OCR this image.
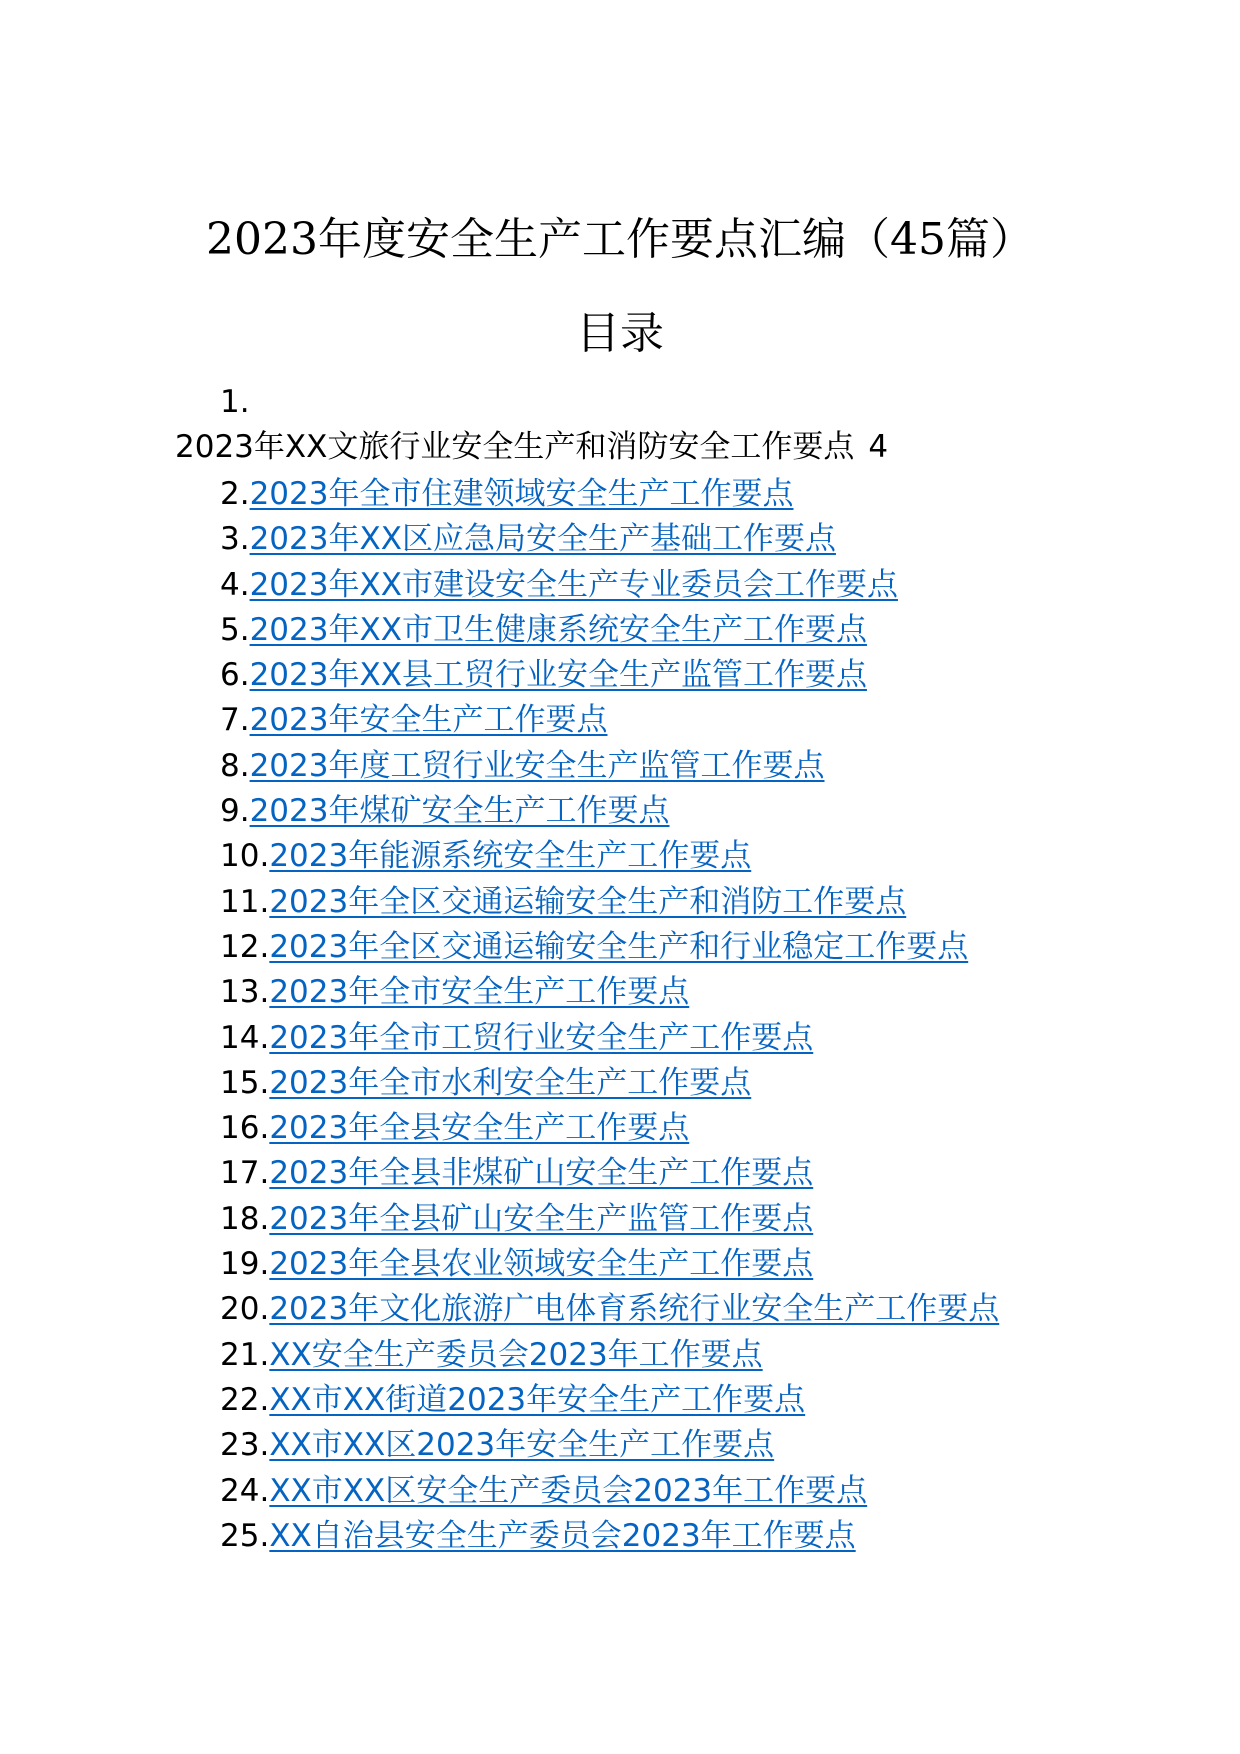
2023年度安全生产工作要点汇编（45篇）
目录
1.
2023年XX文旅行业安全生产和消防安全工作要点 4
2.2023年全市住建领域安全生产工作要点
3.2023年XX区应急局安全生产基础工作要点
4.2023年XX市建设安全生产专业委员会工作要点
5.2023年XX市卫生健康系统安全生产工作要点
6.2023年XX县工贸行业安全生产监管工作要点
7.2023年安全生产工作要点
8.2023年度工贸行业安全生产监管工作要点
9.2023年煤矿安全生产工作要点
10.2023年能源系统安全生产工作要点
11.2023年全区交通运输安全生产和消防工作要点
12.2023年全区交通运输安全生产和行业稳定工作要点
13.2023年全市安全生产工作要点
14.2023年全市工贸行业安全生产工作要点
15.2023年全市水利安全生产工作要点
16.2023年全县安全生产工作要点
17.2023年全县非煤矿山安全生产工作要点
18.2023年全县矿山安全生产监管工作要点
19.2023年全县农业领域安全生产工作要点
20.2023年文化旅游广电体育系统行业安全生产工作要点
21.XX安全生产委员会2023年工作要点
22.XX市XX街道2023年安全生产工作要点
23.XX市XX区2023年安全生产工作要点
24.XX市XX区安全生产委员会2023年工作要点
25.XX自治县安全生产委员会2023年工作要点
